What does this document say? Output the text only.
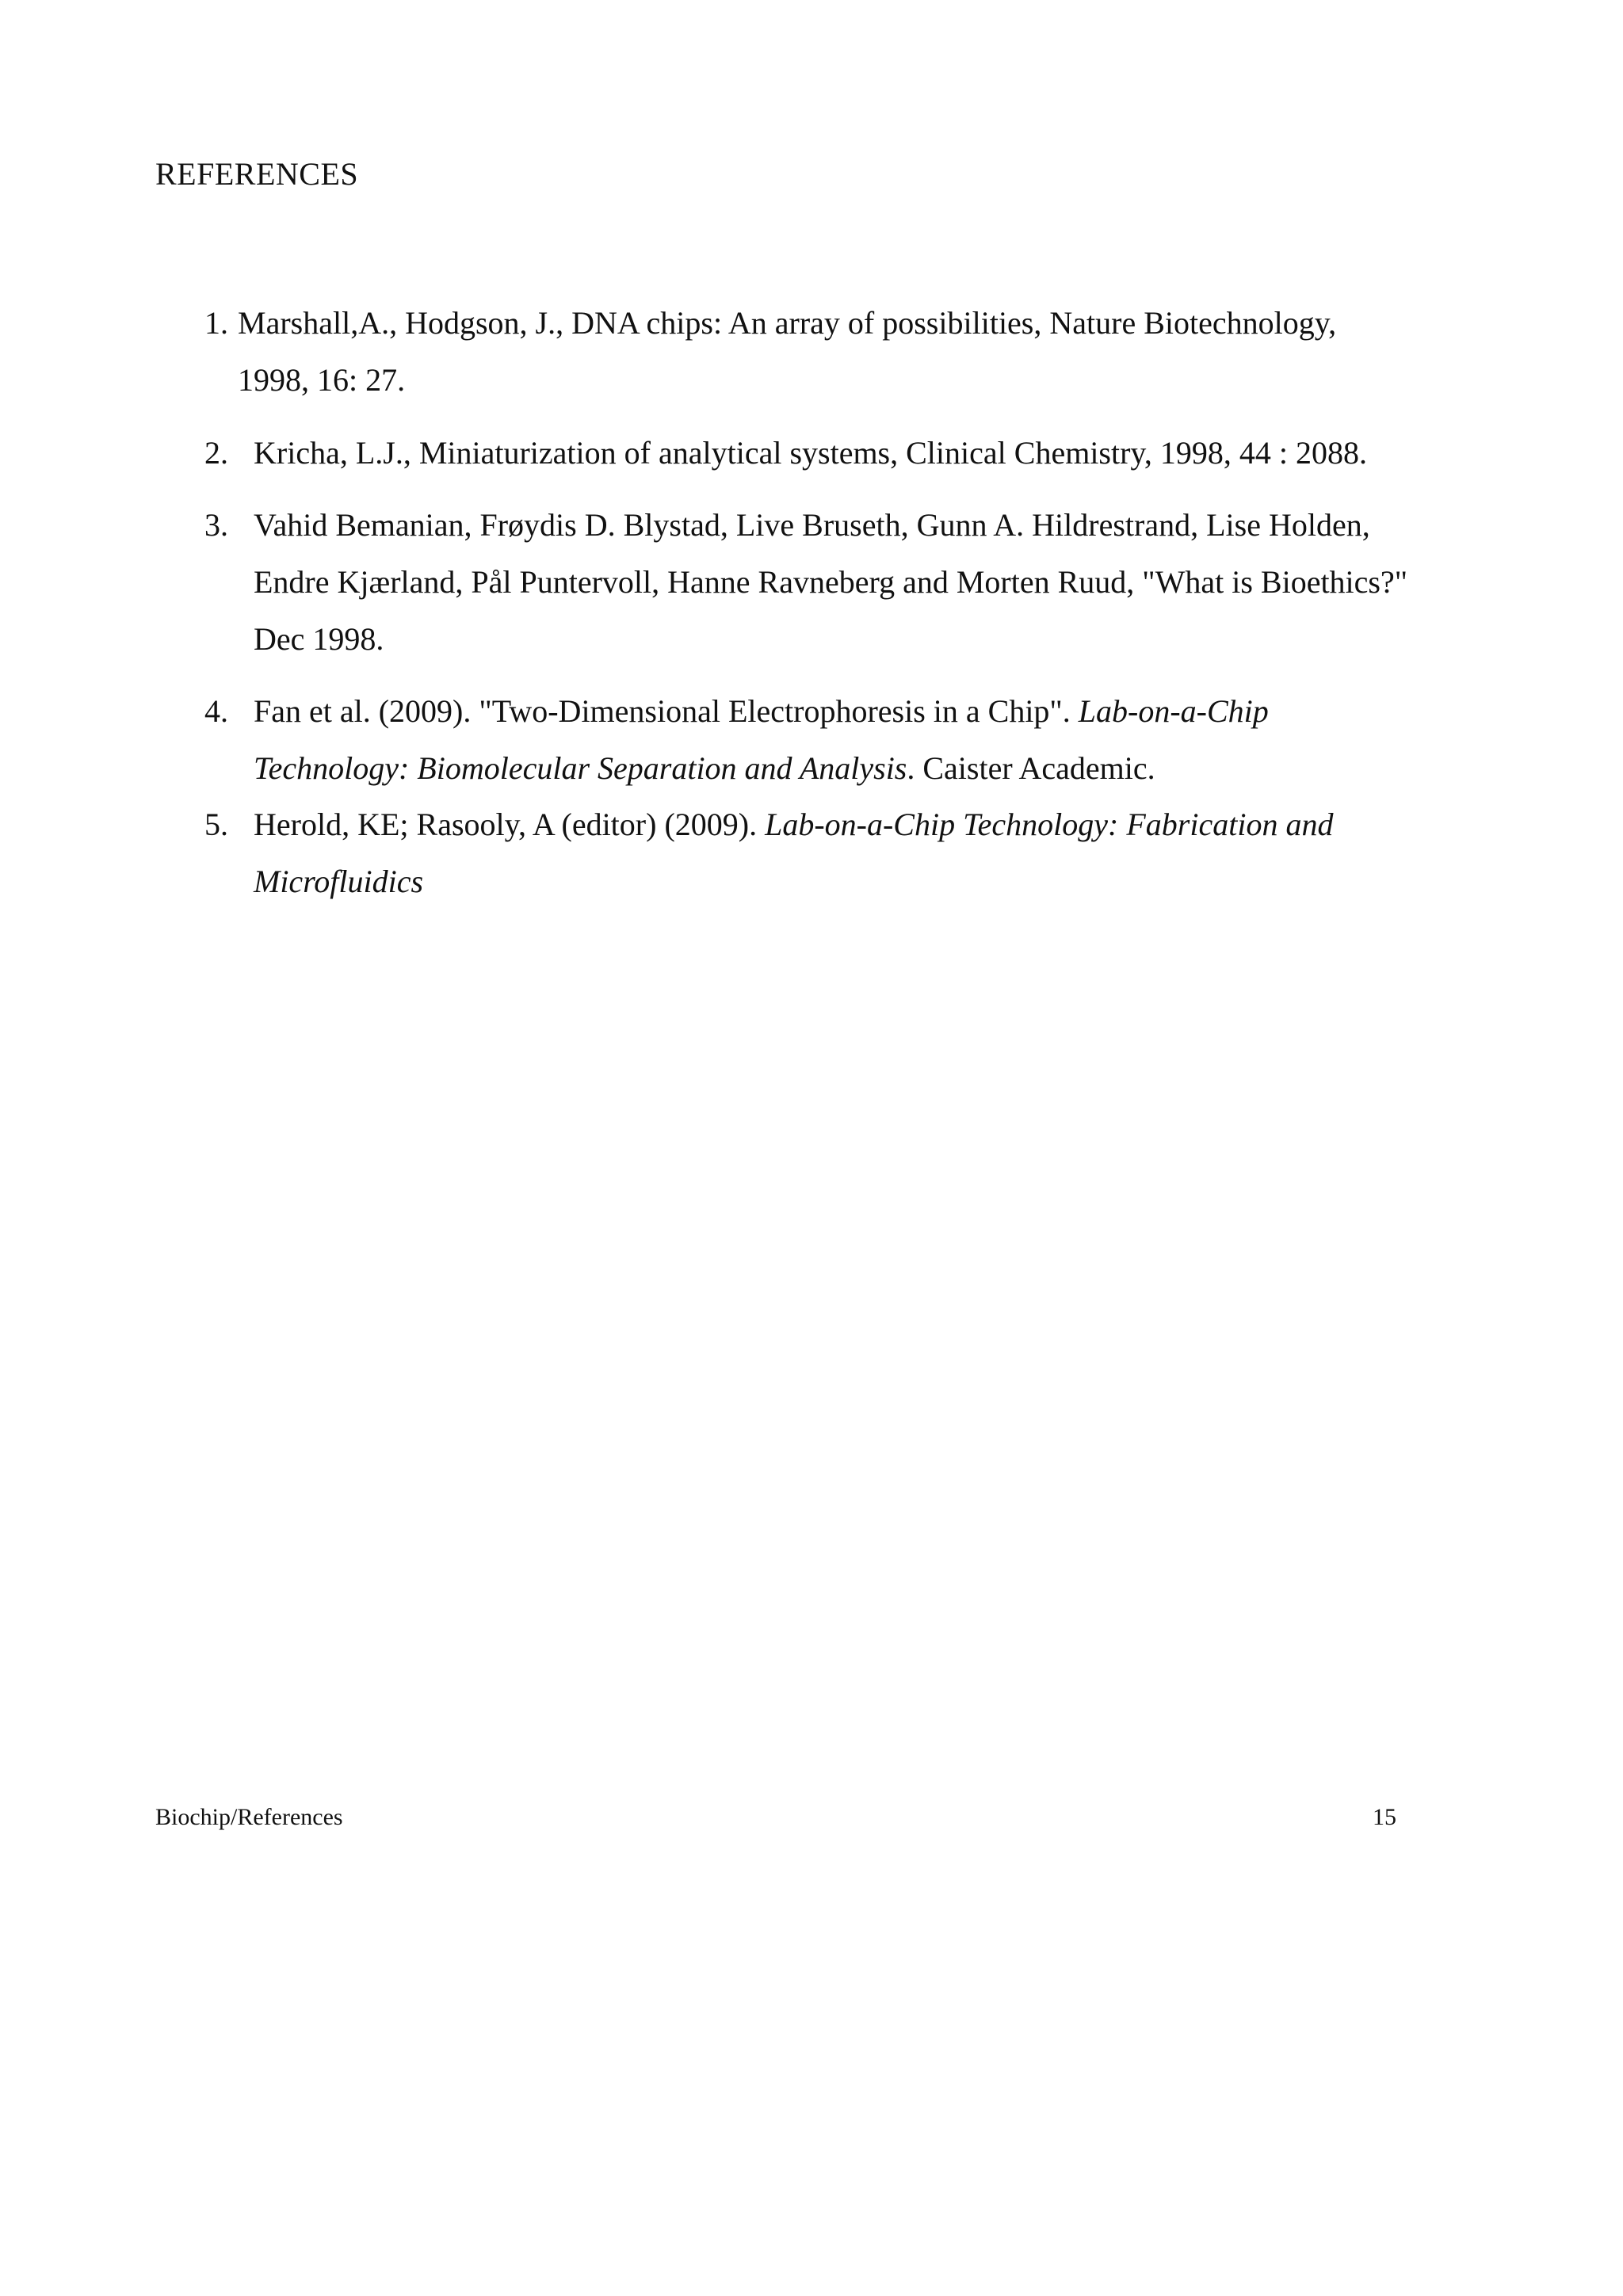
REFERENCES
1. Marshall,A., Hodgson, J., DNA chips: An array of possibilities, Nature Biotechnology,
1998, 16: 27.
2. Kricha, L.J., Miniaturization of analytical systems, Clinical Chemistry, 1998, 44 : 2088.
3. Vahid Bemanian, Frøydis D. Blystad, Live Bruseth, Gunn A. Hildrestrand, Lise Holden,
Endre Kjærland, Pål Puntervoll, Hanne Ravneberg and Morten Ruud, "What is Bioethics?"
Dec 1998.
4. Fan et al. (2009). "Two-Dimensional Electrophoresis in a Chip". Lab-on-a-Chip
Technology: Biomolecular Separation and Analysis. Caister Academic.
5. Herold, KE; Rasooly, A (editor) (2009). Lab-on-a-Chip Technology: Fabrication and
Microfluidics
Biochip/References	15
